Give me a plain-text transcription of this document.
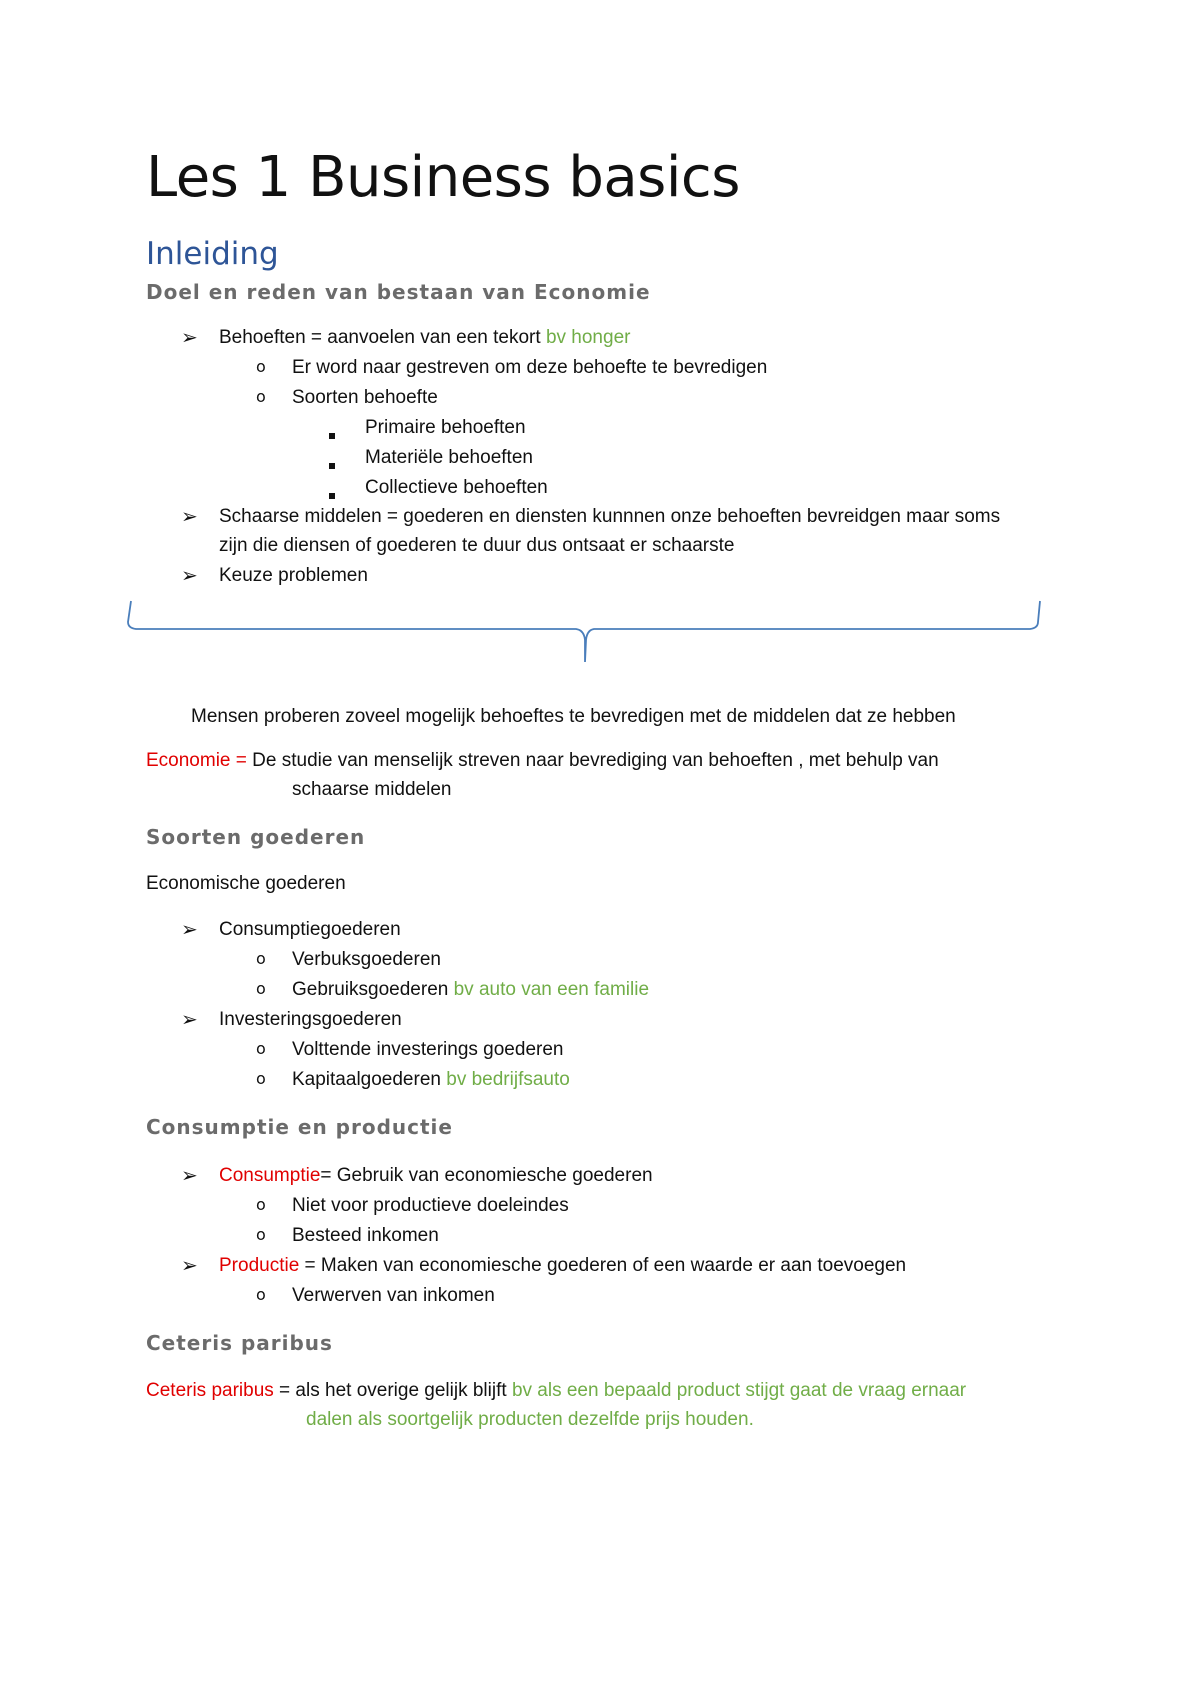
Les 1 Business basics
Inleiding
Doel en reden van bestaan van Economie
➢ Behoeften = aanvoelen van een tekort bv honger
o Er word naar gestreven om deze behoefte te bevredigen
o Soorten behoefte
Primaire behoeften
Materiële behoeften
Collectieve behoeften
➢ Schaarse middelen = goederen en diensten kunnnen onze behoeften bevreidgen maar soms
zijn die diensen of goederen te duur dus ontsaat er schaarste
➢ Keuze problemen
Mensen proberen zoveel mogelijk behoeftes te bevredigen met de middelen dat ze hebben
Economie = De studie van menselijk streven naar bevrediging van behoeften , met behulp van
schaarse middelen
Soorten goederen
Economische goederen
➢ Consumptiegoederen
o Verbuksgoederen
o Gebruiksgoederen bv auto van een familie
➢ Investeringsgoederen
o Volttende investerings goederen
o Kapitaalgoederen bv bedrijfsauto
Consumptie en productie
➢ Consumptie= Gebruik van economiesche goederen
o Niet voor productieve doeleindes
o Besteed inkomen
➢ Productie = Maken van economiesche goederen of een waarde er aan toevoegen
o Verwerven van inkomen
Ceteris paribus
Ceteris paribus = als het overige gelijk blijft bv als een bepaald product stijgt gaat de vraag ernaar
dalen als soortgelijk producten dezelfde prijs houden.
